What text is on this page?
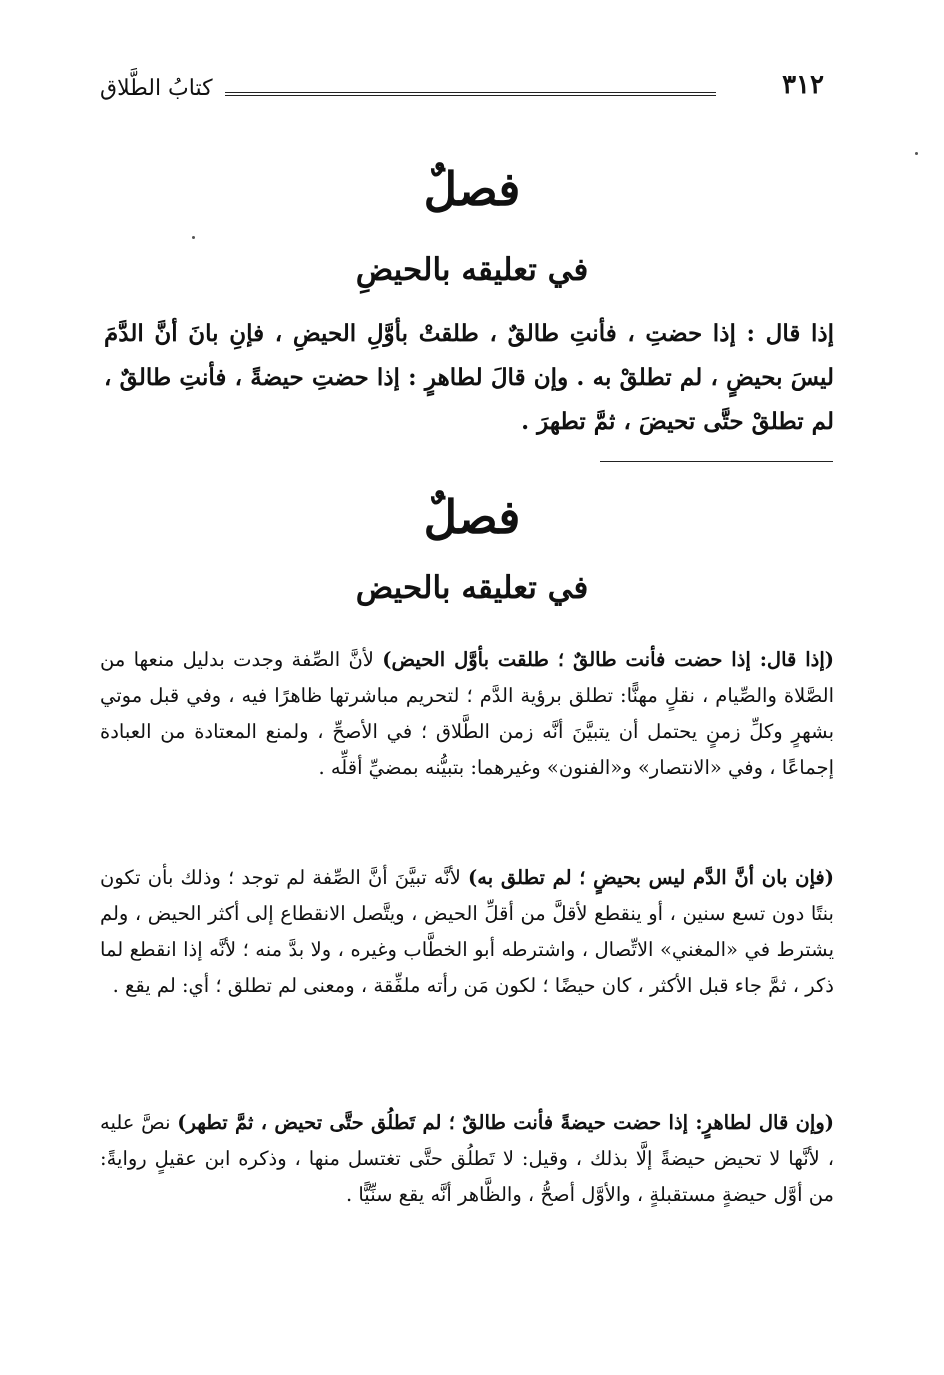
٣١٢
كتابُ الطَّلاق
فصلٌ
في تعليقه بالحيضِ
إذا قال : إذا حضتِ ، فأنتِ طالقٌ ، طلقتْ بأوَّلِ الحيضِ ، فإنِ بانَ أنَّ الدَّمَ ليسَ بحيضٍ ، لم تطلقْ به . وإن قالَ لطاهرٍ : إذا حضتِ حيضةً ، فأنتِ طالقٌ ، لم تطلقْ حتَّى تحيضَ ، ثمَّ تطهرَ .
فصلٌ
في تعليقه بالحيض
(إذا قال: إذا حضت فأنت طالقٌ ؛ طلقت بأوَّل الحيض) لأنَّ الصِّفة وجدت بدليل منعها من الصَّلاة والصِّيام ، نقلٍ مهنًّا: تطلق برؤية الدَّم ؛ لتحريم مباشرتها ظاهرًا فيه ، وفي قبل موتي بشهرٍ وكلِّ زمنٍ يحتمل أن يتبيَّنَ أنَّه زمن الطَّلاق ؛ في الأصحِّ ، ولمنع المعتادة من العبادة إجماعًا ، وفي «الانتصار» و«الفنون» وغيرهما: بتبيُّنه بمضيِّ أقلِّه .
(فإن بان أنَّ الدَّم ليس بحيضٍ ؛ لم تطلق به) لأنَّه تبيَّنَ أنَّ الصِّفة لم توجد ؛ وذلك بأن تكون بنتًا دون تسع سنين ، أو ينقطع لأقلَّ من أقلِّ الحيض ، ويتَّصل الانقطاع إلى أكثر الحيض ، ولم يشترط في «المغني» الاتِّصال ، واشترطه أبو الخطَّاب وغيره ، ولا بدَّ منه ؛ لأنَّه إذا انقطع لما ذكر ، ثمَّ جاء قبل الأكثر ، كان حيضًا ؛ لكون مَن رأته ملفِّقة ، ومعنى لم تطلق ؛ أي: لم يقع .
(وإن قال لطاهرٍ: إذا حضت حيضةً فأنت طالقٌ ؛ لم تَطلُق حتَّى تحيض ، ثمَّ تطهر) نصَّ عليه ، لأنَّها لا تحيض حيضةً إلَّا بذلك ، وقيل: لا تَطلُق حتَّى تغتسل منها ، وذكره ابن عقيلٍ روايةً: من أوَّل حيضةٍ مستقبلةٍ ، والأوَّل أصحُّ ، والظَّاهر أنَّه يقع سنِّيًّا .
